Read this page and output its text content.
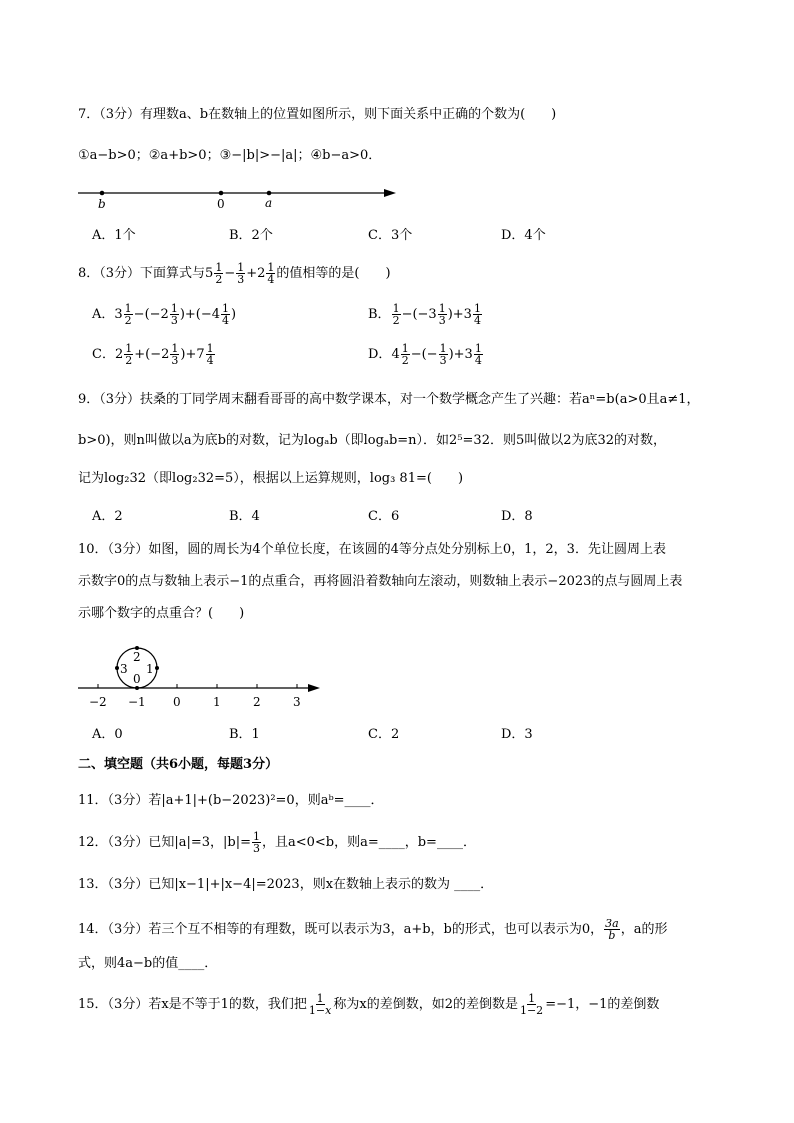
7．（3分）有理数a、b在数轴上的位置如图所示，则下面关系中正确的个数为(　　)
①a−b>0；②a+b>0；③−|b|>−|a|；④b−a>0．
b	0	a
A．1个	B．2个	C．3个	D．4个
8．（3分）下面算式与$5 \frac{1}{2} - \frac{1}{3} +2 \frac{1}{4}$ 的值相等的是(　　)
A．$3 \frac{1}{2} -(-2 \frac{1}{3} )+(-4 \frac{1}{4}$ )	B． $\frac{1}{2} -(-3 \frac{1}{3} )+3 \frac{1}{4}$
C．$2 \frac{1}{2} +(-2 \frac{1}{3} )+7 \frac{1}{4}$	D．$4 \frac{1}{2}$ −(− $\frac{1}{3} )+3 \frac{1}{4}$
9．（3分）扶桑的丁同学周末翻看哥哥的高中数学课本，对一个数学概念产生了兴趣：若aⁿ=b(a>0且a≠1，
b>0)，则n叫做以a为底b的对数，记为logₐb（即logₐb=n）．如2⁵=32．则5叫做以2为底32的对数，
记为log₂32（即log₂32=5），根据以上运算规则，log₃ 81=(　　)
A．2	B．4	C．6	D．8
10．（3分）如图，圆的周长为4个单位长度，在该圆的4等分点处分别标上0，1，2，3．先让圆周上表
示数字0的点与数轴上表示−1的点重合，再将圆沿着数轴向左滚动，则数轴上表示−2023的点与圆周上表
示哪个数字的点重合？(　　)
2
3 1
0
−2 −1 0	1	2	3
A．0	B．1	C．2	D．3
二、填空题（共6小题，每题3分）
11．（3分）若|a+1|+(b−2023)²=0，则aᵇ=____．
12．（3分）已知|a|=3，$|b|= \frac{1}{3}$ ，且a<0<b，则a=____，b=____．
13．（3分）已知|x−1|+|x−4|=2023，则x在数轴上表示的数为 ____．
14．（3分）若三个互不相等的有理数，既可以表示为3，a+b，b的形式，也可以表示为0， $\frac{3a}{b}$ ，a的形
式，则4a−b的值____．
15．（3分）若x是不等于1的数，我们把 $\frac{1}{1-x}$ 称为x的差倒数，如2的差倒数是 $\frac{1}{1-2} =-1$，−1的差倒数
